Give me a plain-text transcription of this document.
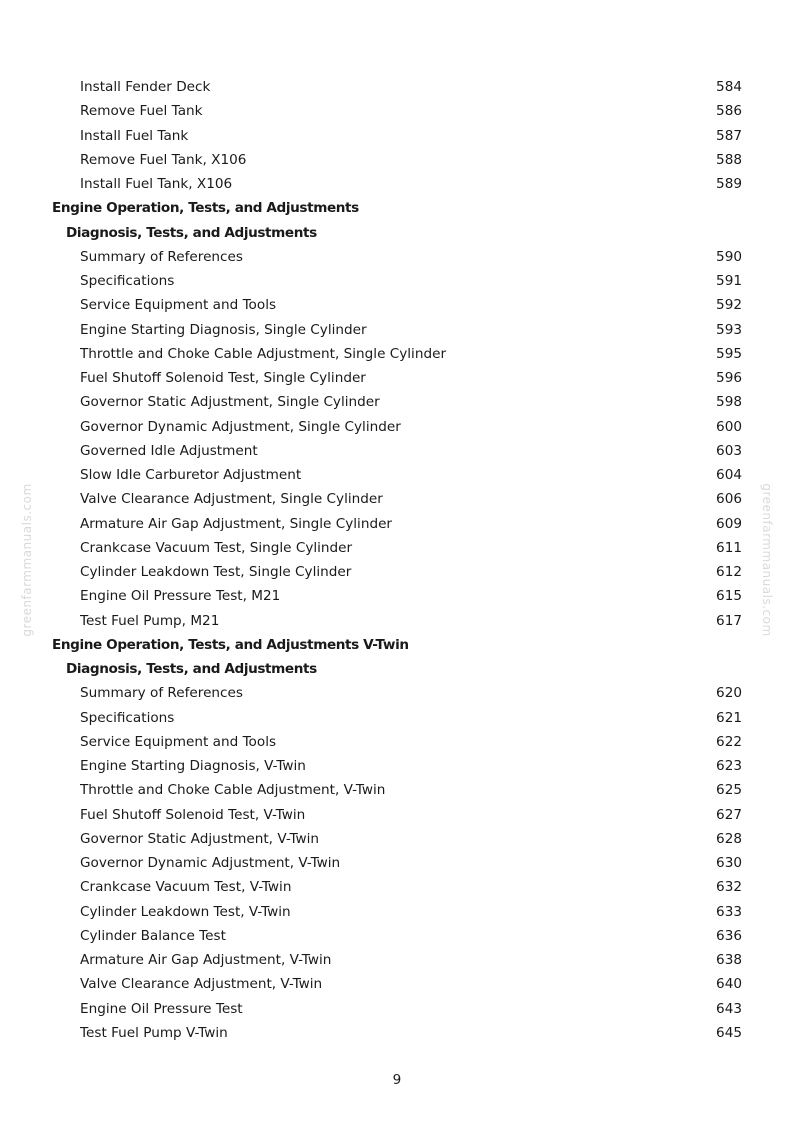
greenfarmmanuals.com	greenfarmmanuals.com
Install Fender Deck	584
Remove Fuel Tank	586
Install Fuel Tank	587
Remove Fuel Tank, X106	588
Install Fuel Tank, X106	589
Engine Operation, Tests, and Adjustments
Diagnosis, Tests, and Adjustments
Summary of References	590
Specifications	591
Service Equipment and Tools	592
Engine Starting Diagnosis, Single Cylinder	593
Throttle and Choke Cable Adjustment, Single Cylinder	595
Fuel Shutoff Solenoid Test, Single Cylinder	596
Governor Static Adjustment, Single Cylinder	598
Governor Dynamic Adjustment, Single Cylinder	600
Governed Idle Adjustment	603
Slow Idle Carburetor Adjustment	604
Valve Clearance Adjustment, Single Cylinder	606
Armature Air Gap Adjustment, Single Cylinder	609
Crankcase Vacuum Test, Single Cylinder	611
Cylinder Leakdown Test, Single Cylinder	612
Engine Oil Pressure Test, M21	615
Test Fuel Pump, M21	617
Engine Operation, Tests, and Adjustments V-Twin
Diagnosis, Tests, and Adjustments
Summary of References	620
Specifications	621
Service Equipment and Tools	622
Engine Starting Diagnosis, V-Twin	623
Throttle and Choke Cable Adjustment, V-Twin	625
Fuel Shutoff Solenoid Test, V-Twin	627
Governor Static Adjustment, V-Twin	628
Governor Dynamic Adjustment, V-Twin	630
Crankcase Vacuum Test, V-Twin	632
Cylinder Leakdown Test, V-Twin	633
Cylinder Balance Test	636
Armature Air Gap Adjustment, V-Twin	638
Valve Clearance Adjustment, V-Twin	640
Engine Oil Pressure Test	643
Test Fuel Pump V-Twin	645
9
